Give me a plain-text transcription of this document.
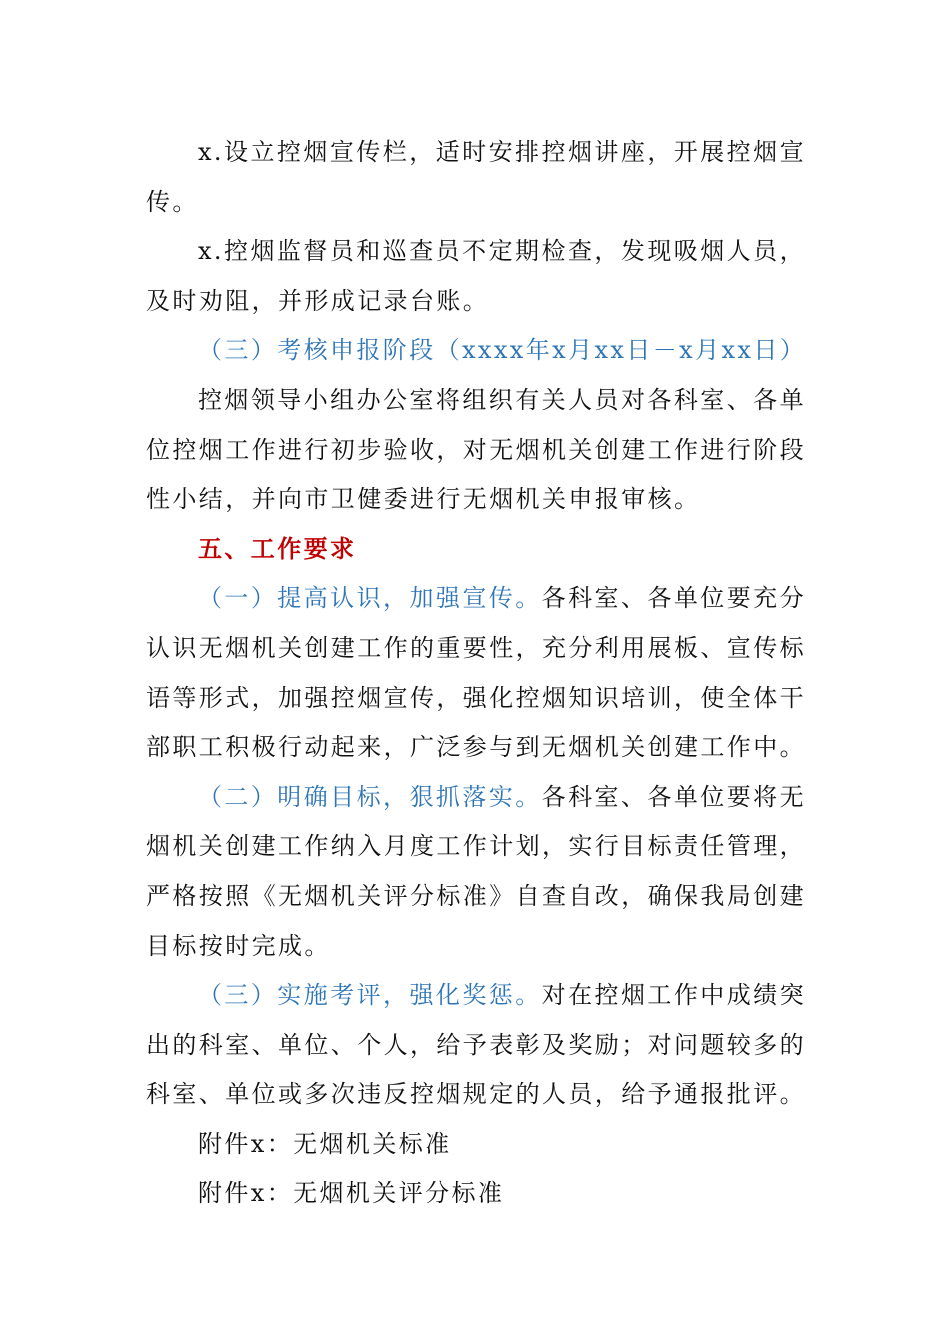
x.设立控烟宣传栏，适时安排控烟讲座，开展控烟宣传。

x.控烟监督员和巡查员不定期检查，发现吸烟人员，及时劝阻，并形成记录台账。

（三）考核申报阶段（xxxx年x月xx日－x月xx日）

控烟领导小组办公室将组织有关人员对各科室、各单位控烟工作进行初步验收，对无烟机关创建工作进行阶段性小结，并向市卫健委进行无烟机关申报审核。

五、工作要求

（一）提高认识，加强宣传。各科室、各单位要充分认识无烟机关创建工作的重要性，充分利用展板、宣传标语等形式，加强控烟宣传，强化控烟知识培训，使全体干部职工积极行动起来，广泛参与到无烟机关创建工作中。

（二）明确目标，狠抓落实。各科室、各单位要将无烟机关创建工作纳入月度工作计划，实行目标责任管理，严格按照《无烟机关评分标准》自查自改，确保我局创建目标按时完成。

（三）实施考评，强化奖惩。对在控烟工作中成绩突出的科室、单位、个人，给予表彰及奖励；对问题较多的科室、单位或多次违反控烟规定的人员，给予通报批评。

附件x：无烟机关标准

附件x：无烟机关评分标准
